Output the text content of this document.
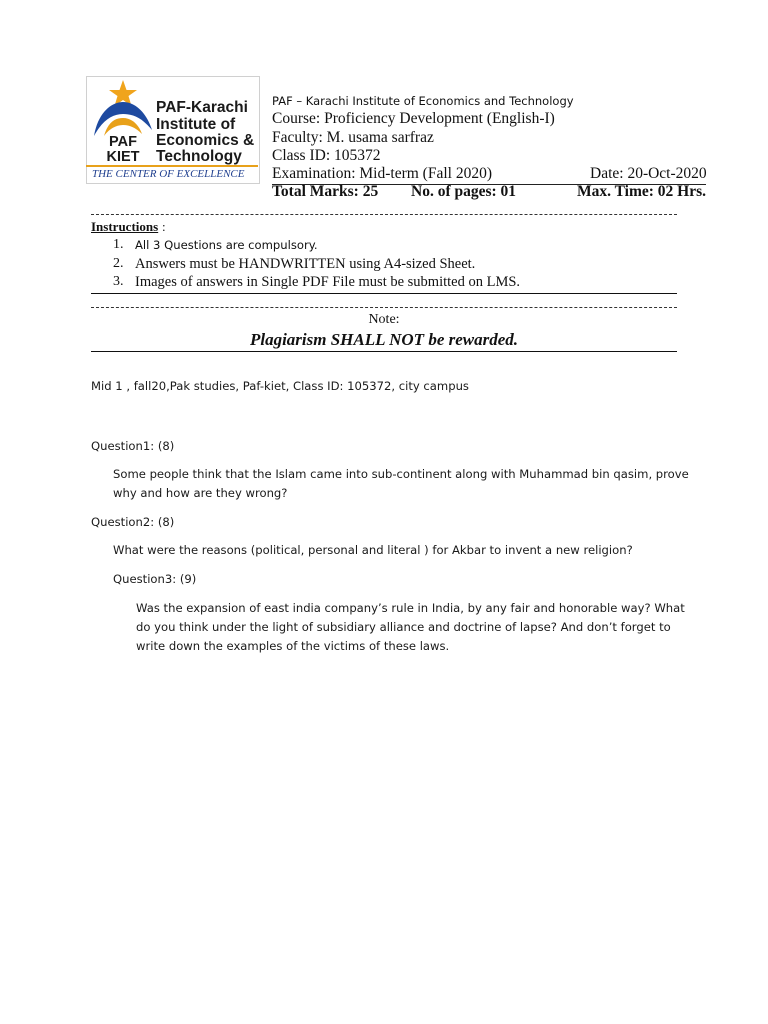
PAF
KIET
PAF-Karachi
Institute of
Economics &
Technology
THE CENTER OF EXCELLENCE
PAF – Karachi Institute of Economics and Technology
Course: Proficiency Development (English-I)
Faculty: M. usama sarfraz
Class ID: 105372
Examination: Mid-term (Fall 2020)	Date: 20-Oct-2020
Total Marks: 25 No. of pages: 01	Max. Time: 02 Hrs.
Instructions :
1. All 3 Questions are compulsory.
2. Answers must be HANDWRITTEN using A4-sized Sheet.
3. Images of answers in Single PDF File must be submitted on LMS.
Note:
Plagiarism SHALL NOT be rewarded.
Mid 1 , fall20,Pak studies, Paf-kiet, Class ID: 105372, city campus
Question1: (8)
Some people think that the Islam came into sub-continent along with Muhammad bin qasim, prove why and how are they wrong?
Question2: (8)
What were the reasons (political, personal and literal ) for Akbar to invent a new religion?
Question3: (9)
Was the expansion of east india company’s rule in India, by any fair and honorable way? What do you think under the light of subsidiary alliance and doctrine of lapse? And don’t forget to write down the examples of the victims of these laws.
